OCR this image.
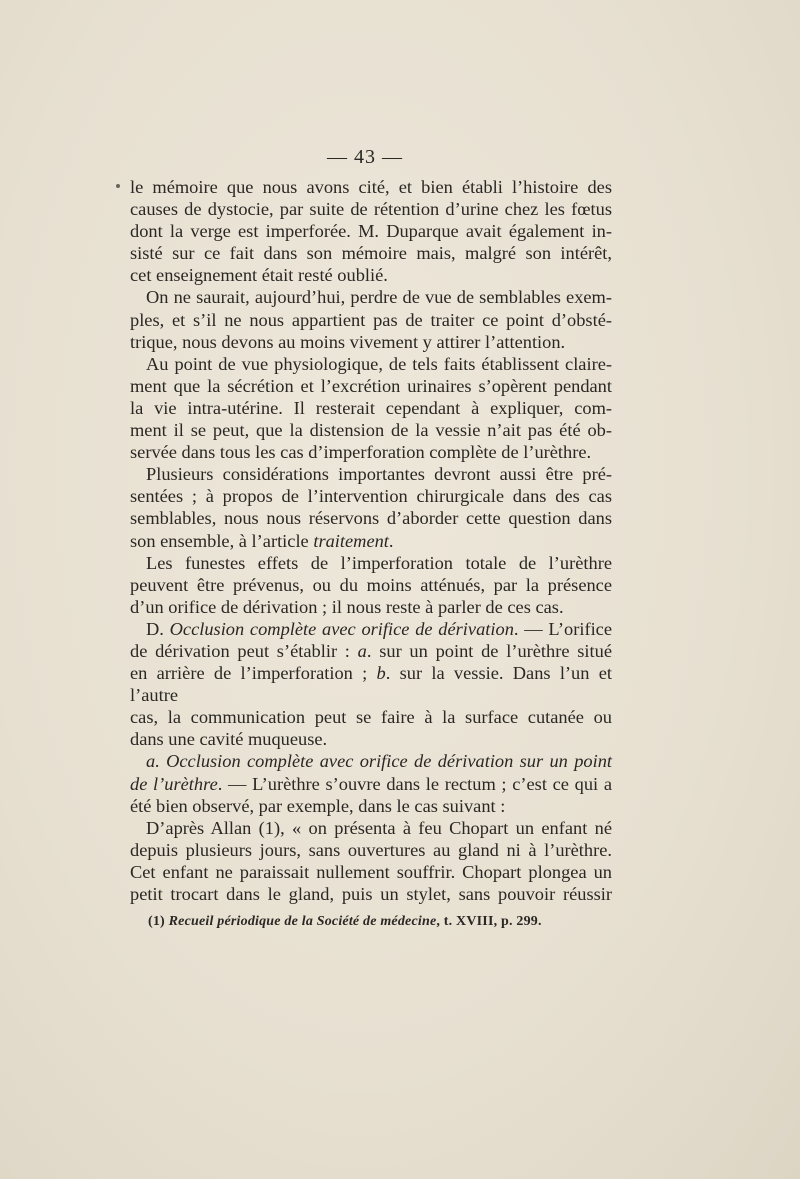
— 43 —

le mémoire que nous avons cité, et bien établi l’histoire des
causes de dystocie, par suite de rétention d’urine chez les fœtus
dont la verge est imperforée. M. Duparque avait également in-
sisté sur ce fait dans son mémoire mais, malgré son intérêt,

cet enseignement était resté oublié.

On ne saurait, aujourd’hui, perdre de vue de semblables exem-
ples, et s’il ne nous appartient pas de traiter ce point d’obsté-

trique, nous devons au moins vivement y attirer l’attention.

Au point de vue physiologique, de tels faits établissent claire-
ment que la sécrétion et l’excrétion urinaires s’opèrent pendant
la vie intra-utérine. Il resterait cependant à expliquer, com-
ment il se peut, que la distension de la vessie n’ait pas été ob-

servée dans tous les cas d’imperforation complète de l’urèthre.

Plusieurs considérations importantes devront aussi être pré-
sentées ; à propos de l’intervention chirurgicale dans des cas
semblables, nous nous réservons d’aborder cette question dans

son ensemble, à l’article traitement.

Les funestes effets de l’imperforation totale de l’urèthre
peuvent être prévenus, ou du moins atténués, par la présence

d’un orifice de dérivation ; il nous reste à parler de ces cas.

D. Occlusion complète avec orifice de dérivation. — L’orifice
de dérivation peut s’établir : a. sur un point de l’urèthre situé
en arrière de l’imperforation ; b. sur la vessie. Dans l’un et l’autre
cas, la communication peut se faire à la surface cutanée ou

dans une cavité muqueuse.

a. Occlusion complète avec orifice de dérivation sur un point
de l’urèthre. — L’urèthre s’ouvre dans le rectum ; c’est ce qui a

été bien observé, par exemple, dans le cas suivant :

D’après Allan (1), « on présenta à feu Chopart un enfant né
depuis plusieurs jours, sans ouvertures au gland ni à l’urèthre.
Cet enfant ne paraissait nullement souffrir. Chopart plongea un
petit trocart dans le gland, puis un stylet, sans pouvoir réussir

(1) Recueil périodique de la Société de médecine, t. XVIII, p. 299.
